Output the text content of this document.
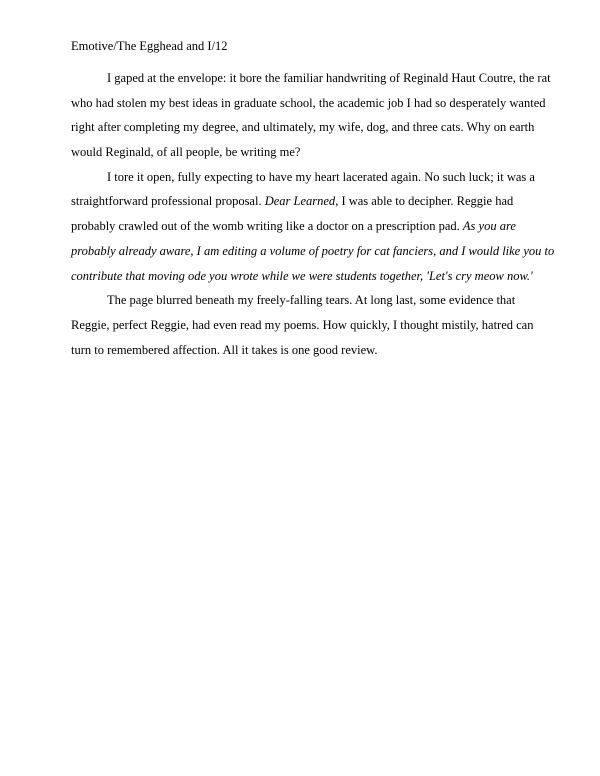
Emotive/The Egghead and I/12
I gaped at the envelope: it bore the familiar handwriting of Reginald Haut Coutre, the rat
who had stolen my best ideas in graduate school, the academic job I had so desperately wanted
right after completing my degree, and ultimately, my wife, dog, and three cats. Why on earth
would Reginald, of all people, be writing me?
I tore it open, fully expecting to have my heart lacerated again. No such luck; it was a
straightforward professional proposal. Dear Learned, I was able to decipher. Reggie had
probably crawled out of the womb writing like a doctor on a prescription pad. As you are
probably already aware, I am editing a volume of poetry for cat fanciers, and I would like you to
contribute that moving ode you wrote while we were students together, 'Let's cry meow now.'
The page blurred beneath my freely-falling tears. At long last, some evidence that
Reggie, perfect Reggie, had even read my poems. How quickly, I thought mistily, hatred can
turn to remembered affection. All it takes is one good review.
